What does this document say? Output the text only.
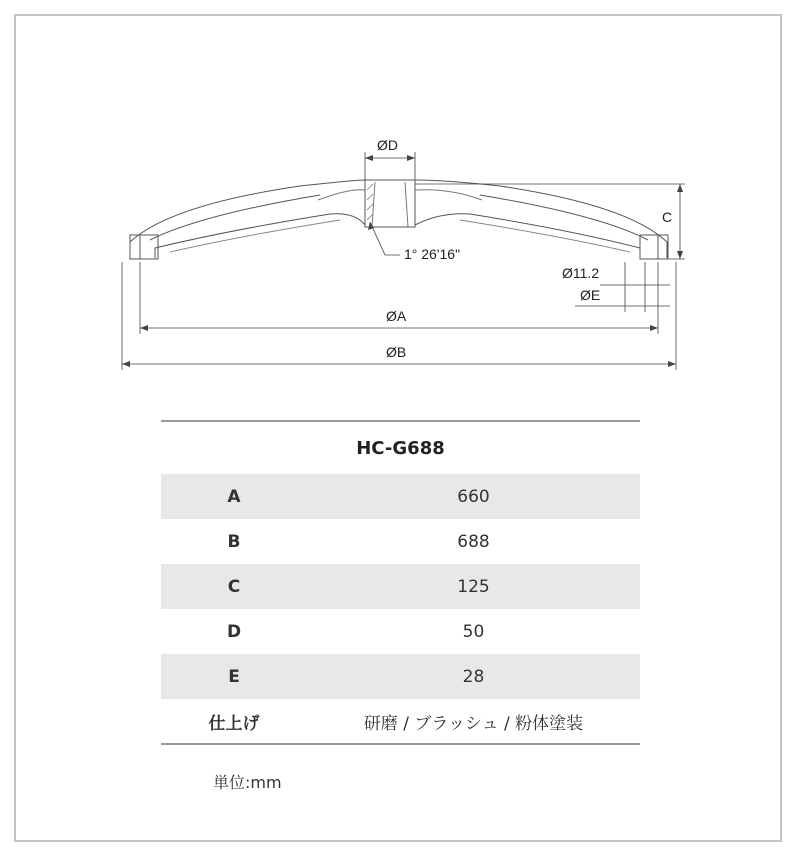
ØD
C
1° 26'16"
Ø11.2
ØE
ØA
ØB
HC-G688	
A	660
B	688
C	125
D	50
E	28
仕上げ	研磨 / ブラッシュ / 粉体塗装
単位:mm
